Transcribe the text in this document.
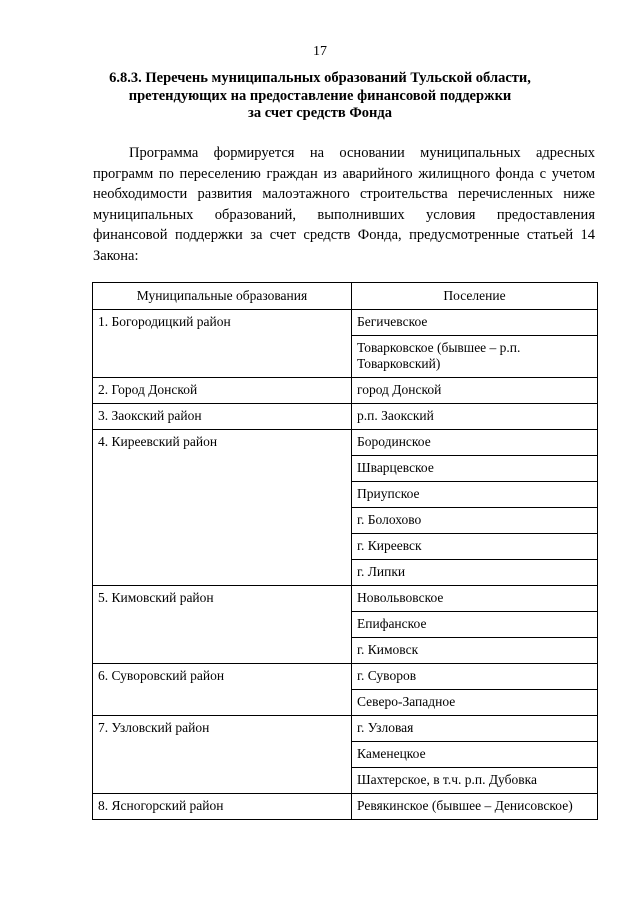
17
6.8.3. Перечень муниципальных образований Тульской области,
претендующих на предоставление финансовой поддержки
за счет средств Фонда
Программа формируется на основании муниципальных адресных программ по переселению граждан из аварийного жилищного фонда с учетом необходимости развития малоэтажного строительства перечисленных ниже муниципальных образований, выполнивших условия предоставления финансовой поддержки за счет средств Фонда, предусмотренные статьей 14 Закона:
Муниципальные образования	Поселение
1. Богородицкий район	Бегичевское
	Товарковское (бывшее – р.п. Товарковский)
2. Город Донской	город Донской
3. Заокский район	р.п. Заокский
4. Киреевский район	Бородинское
	Шварцевское
	Приупское
	г. Болохово
	г. Киреевск
	г. Липки
5. Кимовский район	Новольвовское
	Епифанское
	г. Кимовск
6. Суворовский район	г. Суворов
	Северо-Западное
7. Узловский район	г. Узловая
	Каменецкое
	Шахтерское, в т.ч. р.п. Дубовка
8. Ясногорский район	Ревякинское (бывшее – Денисовское)
